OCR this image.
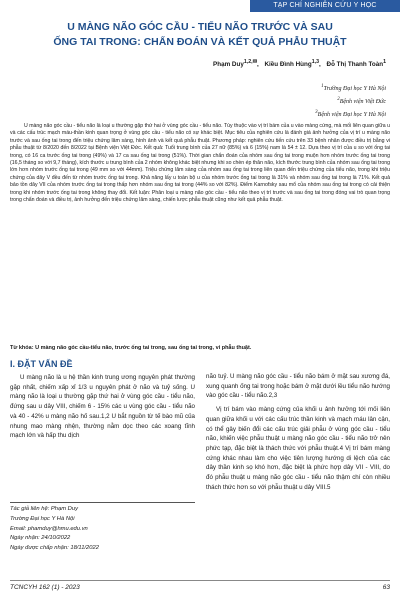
TẠP CHÍ NGHIÊN CỨU Y HỌC
U MÀNG NÃO GÓC CẦU - TIỂU NÃO TRƯỚC VÀ SAU
ỐNG TAI TRONG: CHẨN ĐOÁN VÀ KẾT QUẢ PHẪU THUẬT
Phạm Duy$^{1,2,✉}$, Kiều Đình Hùng$^{1,3}$, Đỗ Thị Thanh Toàn$^1$
$^1$Trường Đại học Y Hà Nội
$^2$Bệnh viện Việt Đức
$^3$Bệnh viện Đại học Y Hà Nội

U màng não góc cầu - tiểu não là loại u thường gặp thứ hai ở vùng góc cầu - tiểu não. Tùy thuộc vào vị trí bám của u vào màng cứng, mà mối liên quan giữa u và các cấu trúc mạch máu-thần kinh quan trọng ở vùng góc cầu - tiểu não có sự khác biệt. Mục tiêu của nghiên cứu là đánh giá ảnh hưởng của vị trí u màng não trước và sau ống tai trong đến triệu chứng lâm sàng, hình ảnh và kết quả phẫu thuật. Phương pháp: nghiên cứu tiến cứu trên 33 bệnh nhân được điều trị bằng vi phẫu thuật từ 8/2020 đến 8/2022 tại Bệnh viện Việt Đức. Kết quả: Tuổi trung bình của 27 nữ (85%) và 6 (15%) nam là 54 ± 12. Dựa theo vị trí của u so với ống tai trong, có 16 ca trước ống tai trong (49%) và 17 ca sau ống tai trong (51%). Thời gian chẩn đoán của nhóm sau ống tai trong muộn hơn nhóm trước ống tai trong (16,5 tháng so với 9,7 tháng), kích thước u trung bình của 2 nhóm không khác biệt nhưng khi so chèn ép thân não, kích thước trung bình của nhóm sau ống tai trong lớn hơn nhóm trước ống tai trong (49 mm so với 44mm). Triệu chứng lâm sàng của nhóm sau ống tai trong liên quan đến triệu chứng của tiểu não, trong khi triệu chứng của dây V đều đến từ nhóm trước ống tai trong. Khả năng lấy u toàn bộ u của nhóm trước ống tai trong là 31% và nhóm sau ống tai trong là 71%. Kết quả bảo tồn dây VII của nhóm trước ống tai trong thấp hơn nhóm sau ống tai trong (44% so với 82%). Điểm Karnofsky sau mổ của nhóm sau ống tai trong có cải thiện trong khi nhóm trước ống tai trong không thay đổi. Kết luận: Phân loại u màng não góc cầu - tiểu não theo vị trí trước và sau ống tai trong đóng vai trò quan trọng trong chẩn đoán và điều trị, ảnh hưởng đến triệu chứng lâm sàng, chiến lược phẫu thuật cũng như kết quả phẫu thuật.

Từ khóa: U màng não góc cầu-tiểu não, trước ống tai trong, sau ống tai trong, vi phẫu thuật.
I. ĐẶT VẤN ĐỀ

U màng não là u hệ thần kinh trung ương nguyên phát thường gặp nhất, chiếm xấp xỉ 1/3 u nguyên phát ở não và tuỷ sống. U màng não là loại u thường gặp thứ hai ở vùng góc cầu - tiểu não, đứng sau u dây VIII, chiếm 6 - 15% các u vùng góc cầu - tiểu não và 40 - 42% u màng não hố sau.1,2 U bắt nguồn từ tế bào mũ của nhung mao màng nhện, thường nằm dọc theo các xoang tĩnh mạch lớn và hấp thu dịch

Tác giả liên hệ: Phạm Duy
Trường Đại học Y Hà Nội
Email: phamduy@hmu.edu.vn
Ngày nhận: 24/10/2022
Ngày được chấp nhận: 18/11/2022

não tuỷ. U màng não góc cầu - tiểu não bám ở mặt sau xương đá, xung quanh ống tai trong hoặc bám ở mặt dưới lều tiểu não hướng vào góc cầu - tiểu não.2,3

Vị trí bám vào màng cứng của khối u ảnh hưởng tới mối liên quan giữa khối u với các cấu trúc thần kinh và mạch máu lân cận, có thể gây biến đổi các cấu trúc giải phẫu ở vùng góc cầu - tiểu não, khiến việc phẫu thuật u màng não góc cầu - tiểu não trở nên phức tạp, đặc biệt là thách thức với phẫu thuật.4 Vị trí bám màng cứng khác nhau làm cho việc tiên lượng hướng di lệch của các dây thần kinh sọ khó hơn, đặc biệt là phức hợp dây VII - VIII, do đó phẫu thuật u màng não góc cầu - tiểu não thậm chí còn nhiều thách thức hơn so với phẫu thuật u dây VIII.5

TCNCYH 162 (1) - 2023	63
